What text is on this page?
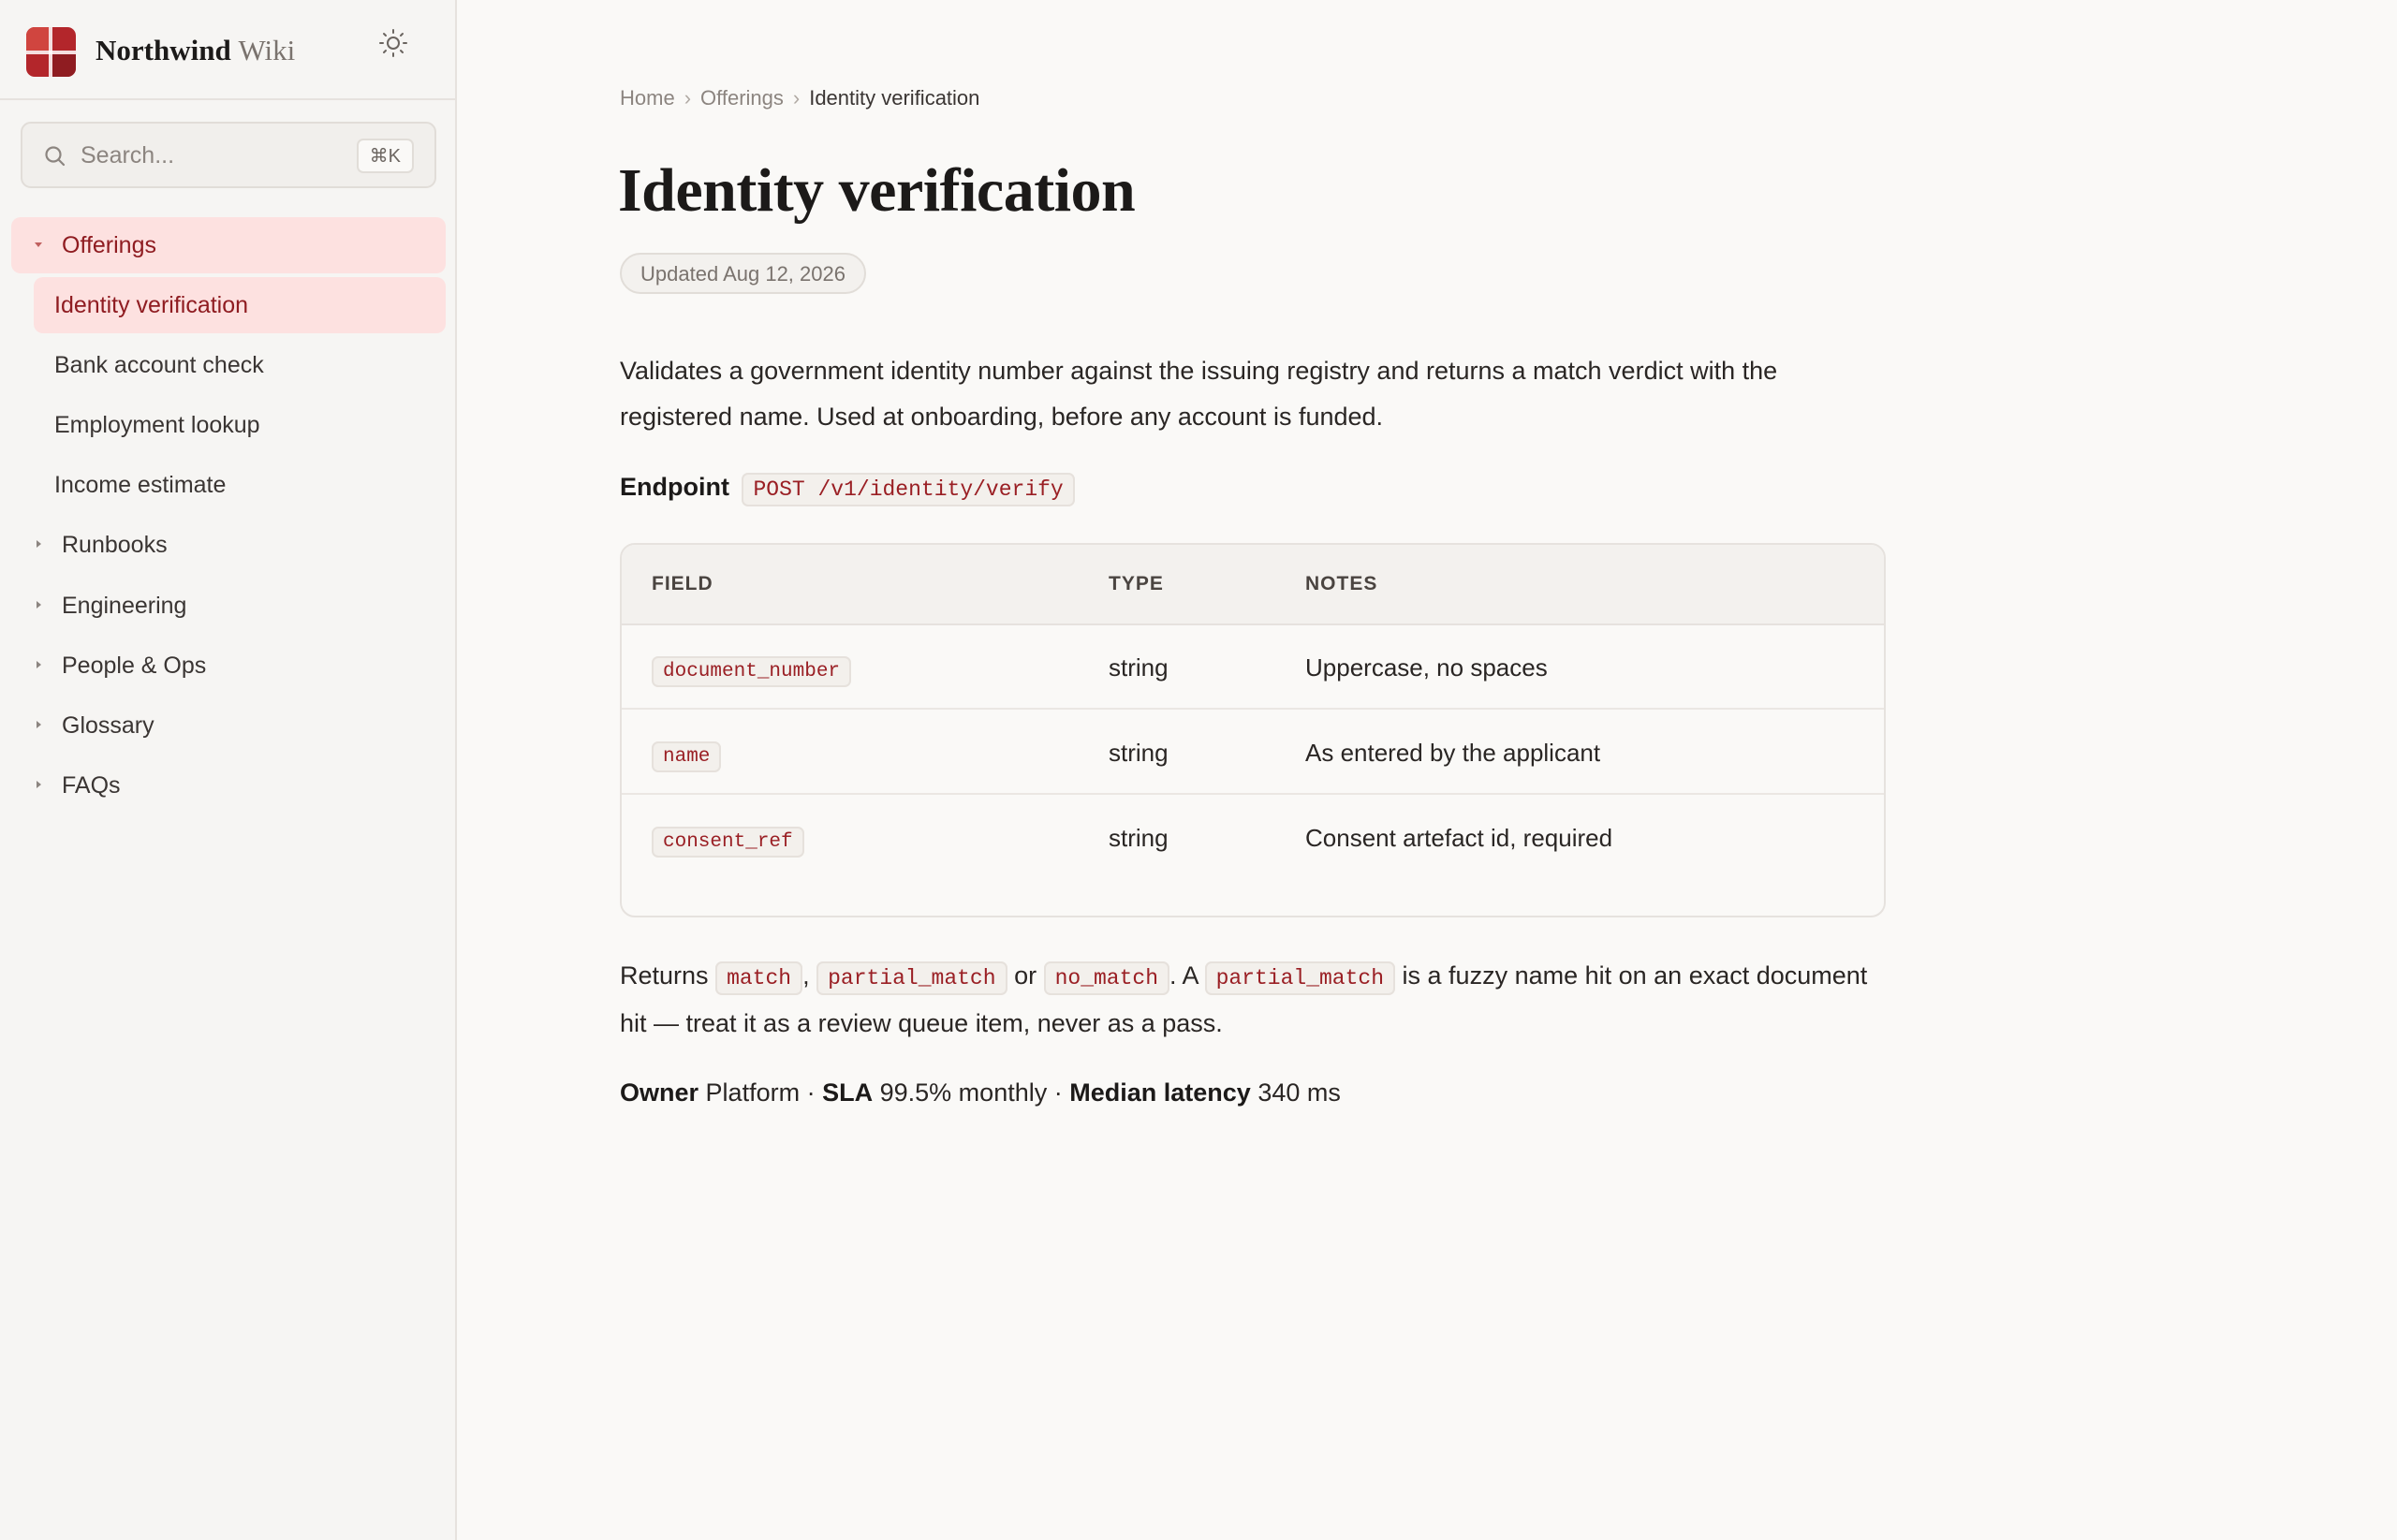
Northwind Wiki
Search...	⌘K
Offerings
Identity verification
Bank account check
Employment lookup
Income estimate
Runbooks
Engineering
People & Ops
Glossary
FAQs
Home › Offerings › Identity verification
Identity verification
Updated Aug 12, 2026

Validates a government identity number against the issuing registry and returns a match verdict with the registered name. Used at onboarding, before any account is funded.

Endpoint POST /v1/identity/verify
FIELD	TYPE	NOTES
document_number	string	Uppercase, no spaces
name	string	As entered by the applicant
consent_ref	string	Consent artefact id, required

Returns match , partial_match or no_match . A partial_match is a fuzzy name hit on an exact document hit — treat it as a review queue item, never as a pass.

Owner Platform · SLA 99.5% monthly · Median latency 340 ms
